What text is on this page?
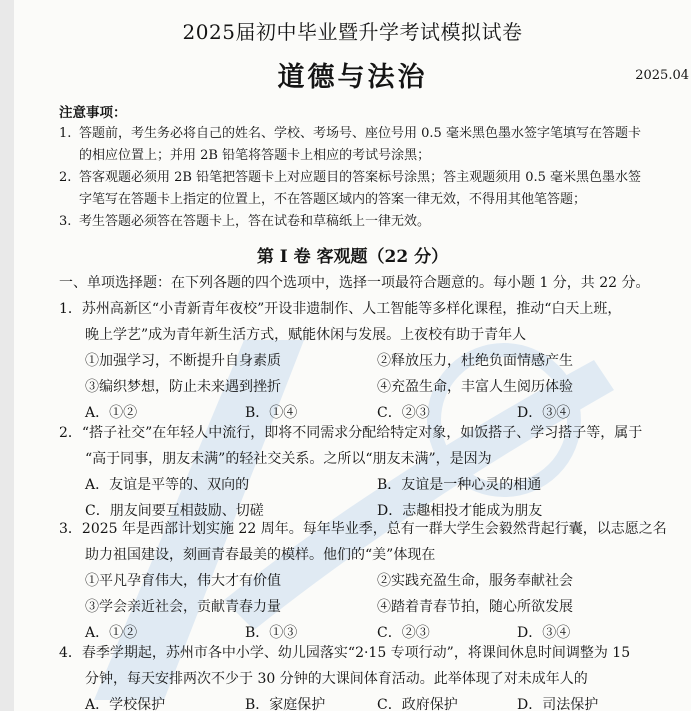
2025届初中毕业暨升学考试模拟试卷
道德与法治	2025.04
注意事项：
1. 答题前，考生务必将自己的姓名、学校、考场号、座位号用 0.5 毫米黑色墨水签字笔填写在答题卡
的相应位置上；并用 2B 铅笔将答题卡上相应的考试号涂黑；
2. 答客观题必须用 2B 铅笔把答题卡上对应题目的答案标号涂黑；答主观题须用 0.5 毫米黑色墨水签
字笔写在答题卡上指定的位置上，不在答题区域内的答案一律无效，不得用其他笔答题；
3. 考生答题必须答在答题卡上，答在试卷和草稿纸上一律无效。
第 I 卷 客观题（22 分）
一、单项选择题：在下列各题的四个选项中，选择一项最符合题意的。每小题 1 分，共 22 分。
1．苏州高新区“小青新青年夜校”开设非遗制作、人工智能等多样化课程，推动“白天上班，
晚上学艺”成为青年新生活方式，赋能休闲与发展。上夜校有助于青年人
①加强学习，不断提升自身素质	②释放压力，杜绝负面情感产生
③编织梦想，防止未来遇到挫折	④充盈生命，丰富人生阅历体验
A．①②	B．①④	C．②③	D．③④
2．“搭子社交”在年轻人中流行，即将不同需求分配给特定对象，如饭搭子、学习搭子等，属于
“高于同事，朋友未满”的轻社交关系。之所以“朋友未满”，是因为
A．友谊是平等的、双向的	B．友谊是一种心灵的相通
C．朋友间要互相鼓励、切磋	D．志趣相投才能成为朋友
3．2025 年是西部计划实施 22 周年。每年毕业季，总有一群大学生会毅然背起行囊，以志愿之名
助力祖国建设，刻画青春最美的模样。他们的“美”体现在
①平凡孕育伟大，伟大才有价值	②实践充盈生命，服务奉献社会
③学会亲近社会，贡献青春力量	④踏着青春节拍，随心所欲发展
A．①②	B．①③	C．②③	D．③④
4．春季学期起，苏州市各中小学、幼儿园落实“2·15 专项行动”，将课间休息时间调整为 15
分钟，每天安排两次不少于 30 分钟的大课间体育活动。此举体现了对未成年人的
A．学校保护	B．家庭保护	C．政府保护	D．司法保护
